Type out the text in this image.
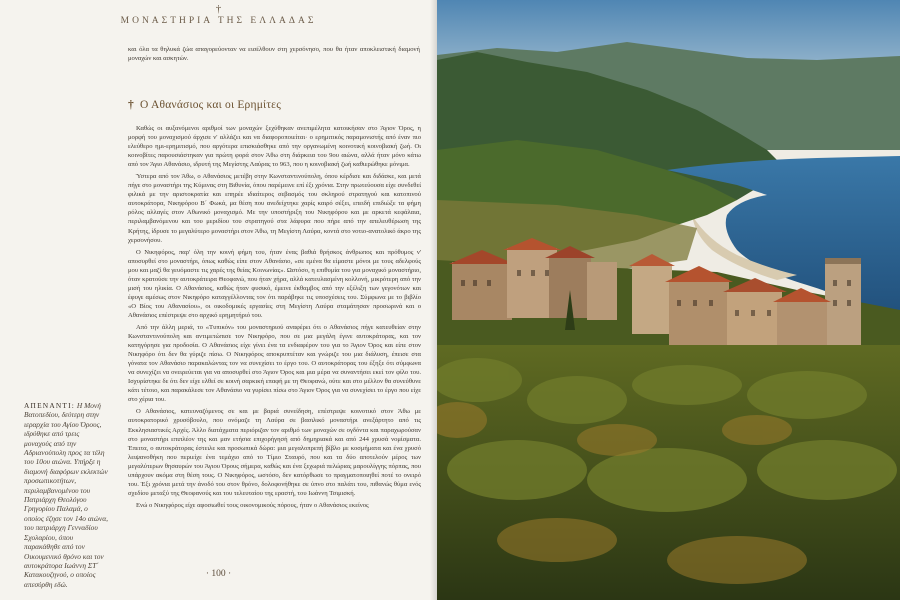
†
ΜΟΝΑΣΤΗΡΙΑ ΤΗΣ ΕΛΛΑΔΑΣ
και όλα τα θηλυκά ζώα απαγορεύονταν να εισέλθουν στη χερσόνησο, που θα ήταν αποκλειστική διαμονή μοναχών και ασκητών.
† Ο Αθανάσιος και οι Ερημίτες

Καθώς οι αυξανόμενοι αριθμοί των μοναχών ξεχύθηκαν ανεπιμέλητα κατοικήσαν στο Άγιον Όρος, η μορφή του μοναχισμού άρχισε ν' αλλάζει και να διαφοροποιείται· ο ερημιτικός παραμονιστής από έναν πιο ελεύθερο ημι-ερημιτισμό, που αργότερα επισκιάσθηκε από την οργανωμένη κοινοτική κοινοβιακή ζωή. Οι κοινοβίτες παρουσιάστηκαν για πρώτη φορά στον Άθω στη διάρκεια του 9ου αιώνα, αλλά ήταν μόνο κάτω από τον Άγιο Αθανάσιο, ιδρυτή της Μεγίστης Λαύρας το 963, που η κοινοβιακή ζωή καθιερώθηκε μόνιμα.

Ύστερα από τον Άθω, ο Αθανάσιος μετέβη στην Κωνσταντινούπολη, όπου κέρδισε και διδάσκε, και μετά πήγε στο μοναστήρι της Κύμινας στη Βιθυνία, όπου παρέμεινε επί έξι χρόνια. Στην πρωτεύουσα είχε συνδεθεί φιλικά με την αριστοκρατία και επηρέε ιδιαίτερος σεβασμός του σκληρού στρατηγού και κατοπινού αυτοκράτορα, Νικηφόρου Β΄ Φωκά, μα θέση που ανεδείχτηκε χαρίς καιρό σέξει, επειδή επιδιώξε τα φήμη ρόλος αλλαγές στον Αθωνικό μοναχισμό. Με την υποστήριξη του Νικηφόρου και με αρκετά κεφάλαια, περιλαμβανόμενου και του μεριδίου του στρατηγού στα λάφυρα που πήρε από την απελευθέρωση της Κρήτης, ίδρυσε το μεγαλύτερο μοναστήρι στον Άθω, τη Μεγίστη Λαύρα, κοντά στο νοτιο-ανατολικό άκρο της χερσονήσου.

Ο Νικηφόρος, παρ' όλη την κοινή φήμη του, ήταν ένας βαθιά θρήσκος άνθρωπος και πρόθυμος ν' αποσυρθεί στο μοναστήρι, όπως καθώς είπε στον Αθανάσιο, «σε εμένα θα είμαστε μόνοι με τους αδελφούς μου και μαζί θα γευόμαστε τις χαρές της θείας Κοινωνίας». Ωστόσο, η επιθυμία του για μοναχικό μοναστήριο, όταν κρατούσε την αυτοκράτειρα Θεοφανώ, που ήταν χήρα, αλλά κατευλασμένη κολλονή, μικρότερη από την μισή του ηλικία. Ο Αθανάσιος, καθώς ήταν φυσικό, έμεινε έκθαμβος από την εξέλιξη των γεγονότων και έφυγε αμέσως στον Νικηφόρο καταγγέλλοντας τον ότι παράβηκε τις υποσχέσεις του. Σύμφωνα με το βιβλίο «Ο Βίος του Αθανασίου», οι οικοδομικές εργασίες στη Μεγίστη Λαύρα σταμάτησαν προσωρινά και ο Αθανάσιος επέστρεψε στο αρχικό ερημητήριό του.

Από την άλλη μεριά, το «Τυπικόν» του μοναστηριού αναφέρει ότι ο Αθανάσιος πήγε κατευθείαν στην Κωνσταντινούπολη και αντιμετώπισε τον Νικηφόρο, που σε μια μεγάλη έγινε αυτοκράτορας, και τον κατηγόρησε για προδοσία. Ο Αθανάσιος είχε γίνει ένα τα ενδιαφέρον του για το Άγιον Όρος και είπε στον Νικηφόρο ότι δεν θα γύριζε πίσω. Ο Νικηφόρος αποκρυπτέταν και γνώριζε του μια διάλυση, έπεισε στα γόνατα τον Αθανάσιο παρακαλώντας τον να συνεχίσει το έργο του. Ο αυτοκράτορας του έξηξε ότι σύμφωνα να συνεχίζει να ονειρεύεται για να αποσυρθεί στο Άγιον Όρος και μια μέρα να συναντήσει εκεί τον φίλο του. Ισχυρίστηκε δε ότι δεν είχε ελθεί σε κοινή σαρκική επαφή με τη Θεοφανώ, ούτε και στο μέλλον θα συνεύθυνε κάτι τέτοιο, και παρακάλεσε τον Αθανάσιο να γυρίσει πίσω στο Άγιον Όρος για να συνεχίσει το έργο που είχε στο χέρια του.

Ο Αθανάσιος, κατευναζόμενος σε και με βαριά συνείδηση, επέστρεψε κοινοτικό στον Άθω με αυτοκρατορικό χρυσόβουλο, που ονόμαζε τη Λαύρα σε βασιλικό μοναστήρι ανεξάρτητο από τις Εκκλησιαστικές Αρχές. Άλλο διατάχματα περιόριζαν τον αριθμό των μοναχών σε ογδόντα και παραχωρούσαν στο μοναστήρι επιπλέον της και μαν ετήσια επιχορήγησή από δημηριακά και από 244 χρυσά νομίσματα. Έπειτα, ο αυτοκράτορας έστειλε και προσωπικά δώρα: μια μεγαλοπρεπή βίβλο με κοσμήματα και ένα χρυσό λειψανοθήκη που περιείχε ένα τεμάχιο από το Τίμιο Σταυρό, που και τα δύο αποτελούν μέρος των μεγαλύτερων θησαυρών του Άγιου Όρους σήμερα, καθώς και ένα ξεχωριά πελώριας μαρουλίγγης πόρπας, που υπάρχουν ακόμα στη θέση τους. Ο Νικηφόρος, ωστόσο, δεν κατόρθωσε το πραγματοποιηθεί ποτέ το ονειρό του. Έξι χρόνια μετά την άνοδό του στον θρόνο, δολοφονήθηκε σε ύπνο στο παλάτι του, πιθανώς θύμα ενός σχεδίου μεταξύ της Θεοφανούς και του τελευταίου της εραστή, του Ιωάννη Τσιμισκή.

Ενώ ο Νικηφόρος είχε αφοσιωθεί τους οικονομικούς πόρους, ήταν ο Αθανάσιος εκείνος

ΑΠΕΝΑΝΤΙ: Η Μονή Βατοπεδίου, δεύτερη στην ιεραρχία του Αγίου Όρους, ιδρύθηκε από τρεις μοναχούς από την Αδριανούπολη προς τα τέλη του 10ου αιώνα. Υπήρξε η διαμονή διαφόρων εκλεκτών προσωπικοτήτων, περιλαμβανομένου του Πατριάρχη Θεολόγου Γρηγορίου Παλαμά, ο οποίος έζησε τον 14ο αιώνα, του πατριάρχη Γενναδίου Σχολαρίου, όπου παρακάθηθε από τον Οικουμενικό θρόνο και τον αυτοκράτορα Ιωάννη ΣΤ΄ Κατακουζηνού, ο οποίος απεσύρθη εδώ.
· 100 ·
